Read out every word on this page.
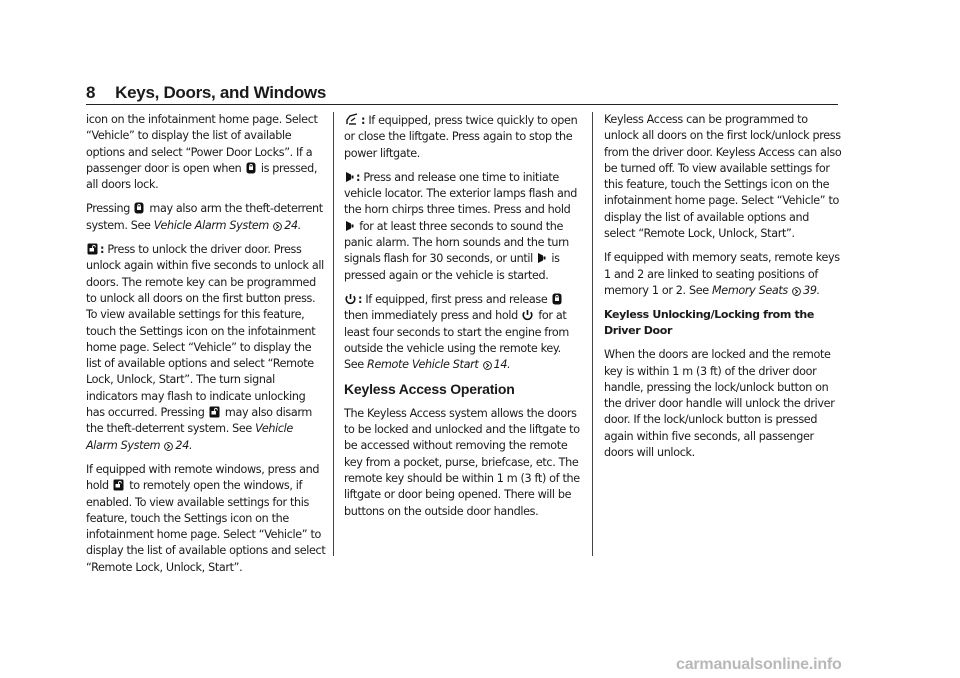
8 Keys, Doors, and Windows

icon on the infotainment home page. Select “Vehicle” to display the list of available options and select “Power Door Locks”. If a passenger door is open when is pressed, all doors lock.

Pressing may also arm the theft-deterrent system. See Vehicle Alarm System 24.

: Press to unlock the driver door. Press unlock again within five seconds to unlock all doors. The remote key can be programmed to unlock all doors on the first button press. To view available settings for this feature, touch the Settings icon on the infotainment home page. Select “Vehicle” to display the list of available options and select “Remote Lock, Unlock, Start”. The turn signal indicators may flash to indicate unlocking has occurred. Pressing may also disarm the theft-deterrent system. See Vehicle Alarm System 24.

If equipped with remote windows, press and hold to remotely open the windows, if enabled. To view available settings for this feature, touch the Settings icon on the infotainment home page. Select “Vehicle” to display the list of available options and select “Remote Lock, Unlock, Start”.

: If equipped, press twice quickly to open or close the liftgate. Press again to stop the power liftgate.

: Press and release one time to initiate vehicle locator. The exterior lamps flash and the horn chirps three times. Press and hold
for at least three seconds to sound the panic alarm. The horn sounds and the turn signals flash for 30 seconds, or until is pressed again or the vehicle is started.

: If equipped, first press and release
then immediately press and hold for at least four seconds to start the engine from outside the vehicle using the remote key. See Remote Vehicle Start 14.

Keyless Access Operation

The Keyless Access system allows the doors to be locked and unlocked and the liftgate to be accessed without removing the remote key from a pocket, purse, briefcase, etc. The remote key should be within 1 m (3 ft) of the liftgate or door being opened. There will be buttons on the outside door handles.

Keyless Access can be programmed to unlock all doors on the first lock/unlock press from the driver door. Keyless Access can also be turned off. To view available settings for this feature, touch the Settings icon on the infotainment home page. Select “Vehicle” to display the list of available options and select “Remote Lock, Unlock, Start”.

If equipped with memory seats, remote keys 1 and 2 are linked to seating positions of memory 1 or 2. See Memory Seats 39.

Keyless Unlocking/Locking from the
Driver Door

When the doors are locked and the remote key is within 1 m (3 ft) of the driver door handle, pressing the lock/unlock button on the driver door handle will unlock the driver door. If the lock/unlock button is pressed again within five seconds, all passenger doors will unlock.

carmanualsonline.info
